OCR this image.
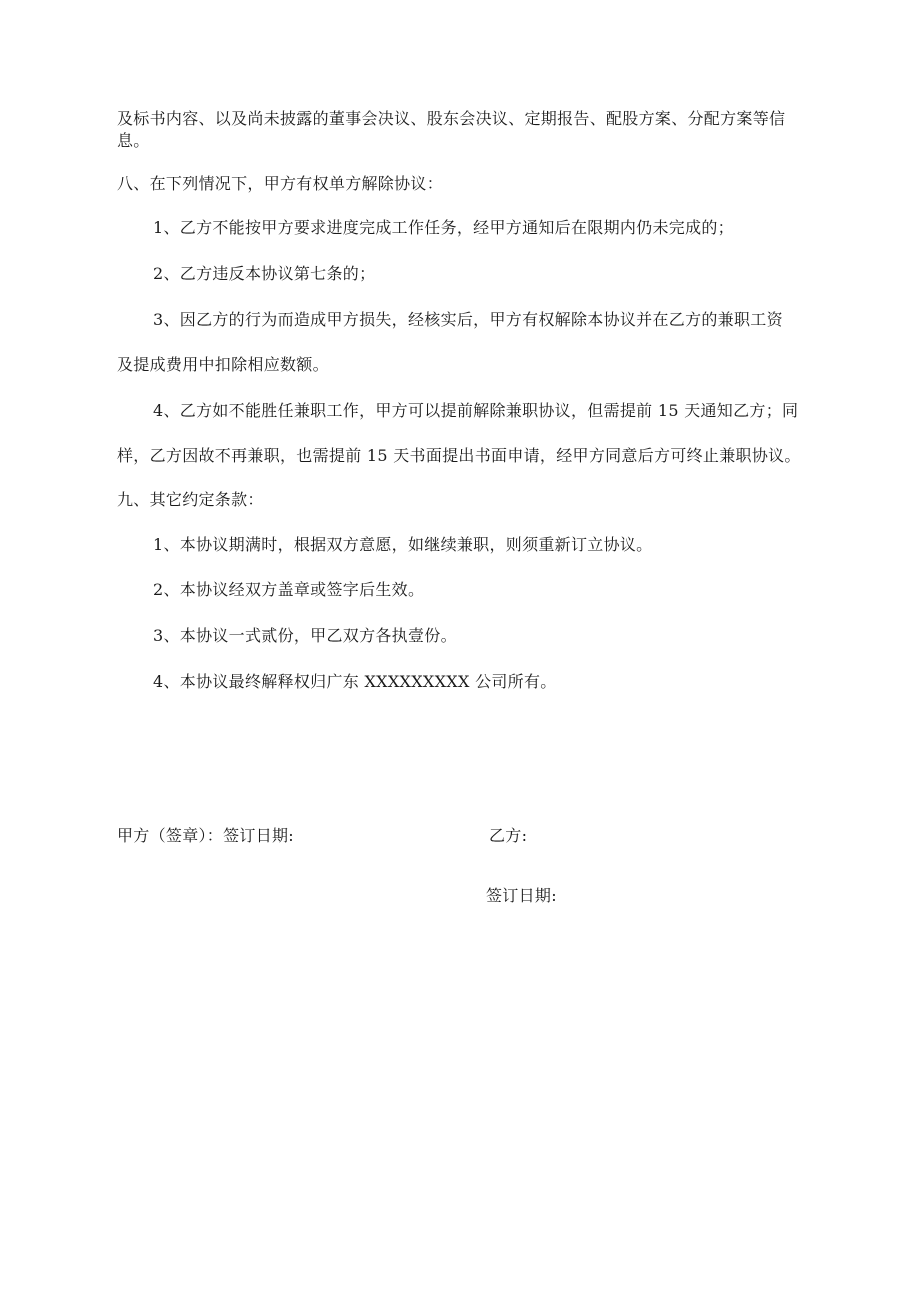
及标书内容、以及尚未披露的董事会决议、股东会决议、定期报告、配股方案、分配方案等信息。
八、在下列情况下，甲方有权单方解除协议：
1、乙方不能按甲方要求进度完成工作任务，经甲方通知后在限期内仍未完成的；
2、乙方违反本协议第七条的；
3、因乙方的行为而造成甲方损失，经核实后，甲方有权解除本协议并在乙方的兼职工资
及提成费用中扣除相应数额。
4、乙方如不能胜任兼职工作，甲方可以提前解除兼职协议，但需提前 15 天通知乙方；同
样，乙方因故不再兼职，也需提前 15 天书面提出书面申请，经甲方同意后方可终止兼职协议。
九、其它约定条款：
1、本协议期满时，根据双方意愿，如继续兼职，则须重新订立协议。
2、本协议经双方盖章或签字后生效。
3、本协议一式贰份，甲乙双方各执壹份。
4、本协议最终解释权归广东 XXXXXXXXX 公司所有。
甲方（签章）：签订日期:	乙方:
签订日期:
